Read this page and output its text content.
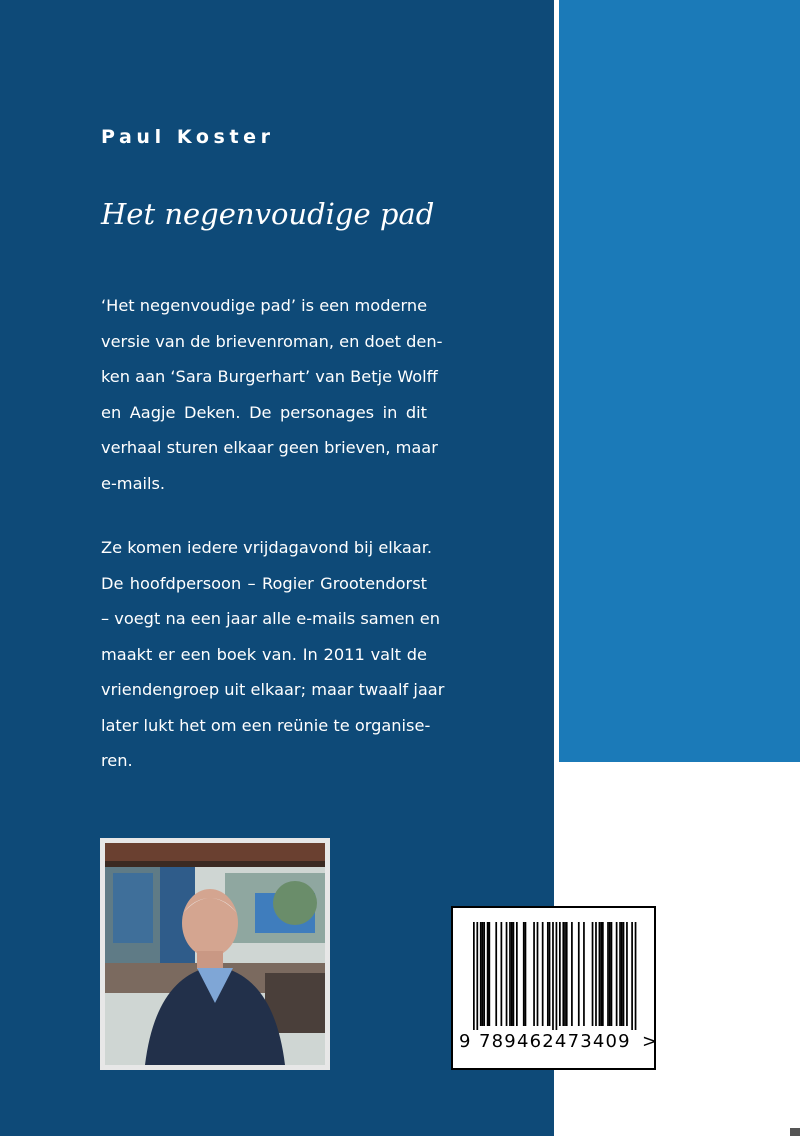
Paul Koster
Het negenvoudige pad

‘Het negenvoudige pad’ is een moderne
versie van de brievenroman, en doet den-
ken aan ‘Sara Burgerhart’ van Betje Wolff
en Aagje Deken. De personages in dit
verhaal sturen elkaar geen brieven, maar
e-mails.

Ze komen iedere vrijdagavond bij elkaar.
De hoofdpersoon – Rogier Grootendorst
– voegt na een jaar alle e-mails samen en
maakt er een boek van. In 2011 valt de
vriendengroep uit elkaar; maar twaalf jaar
later lukt het om een reünie te organise-
ren.

9 789462473409 >
